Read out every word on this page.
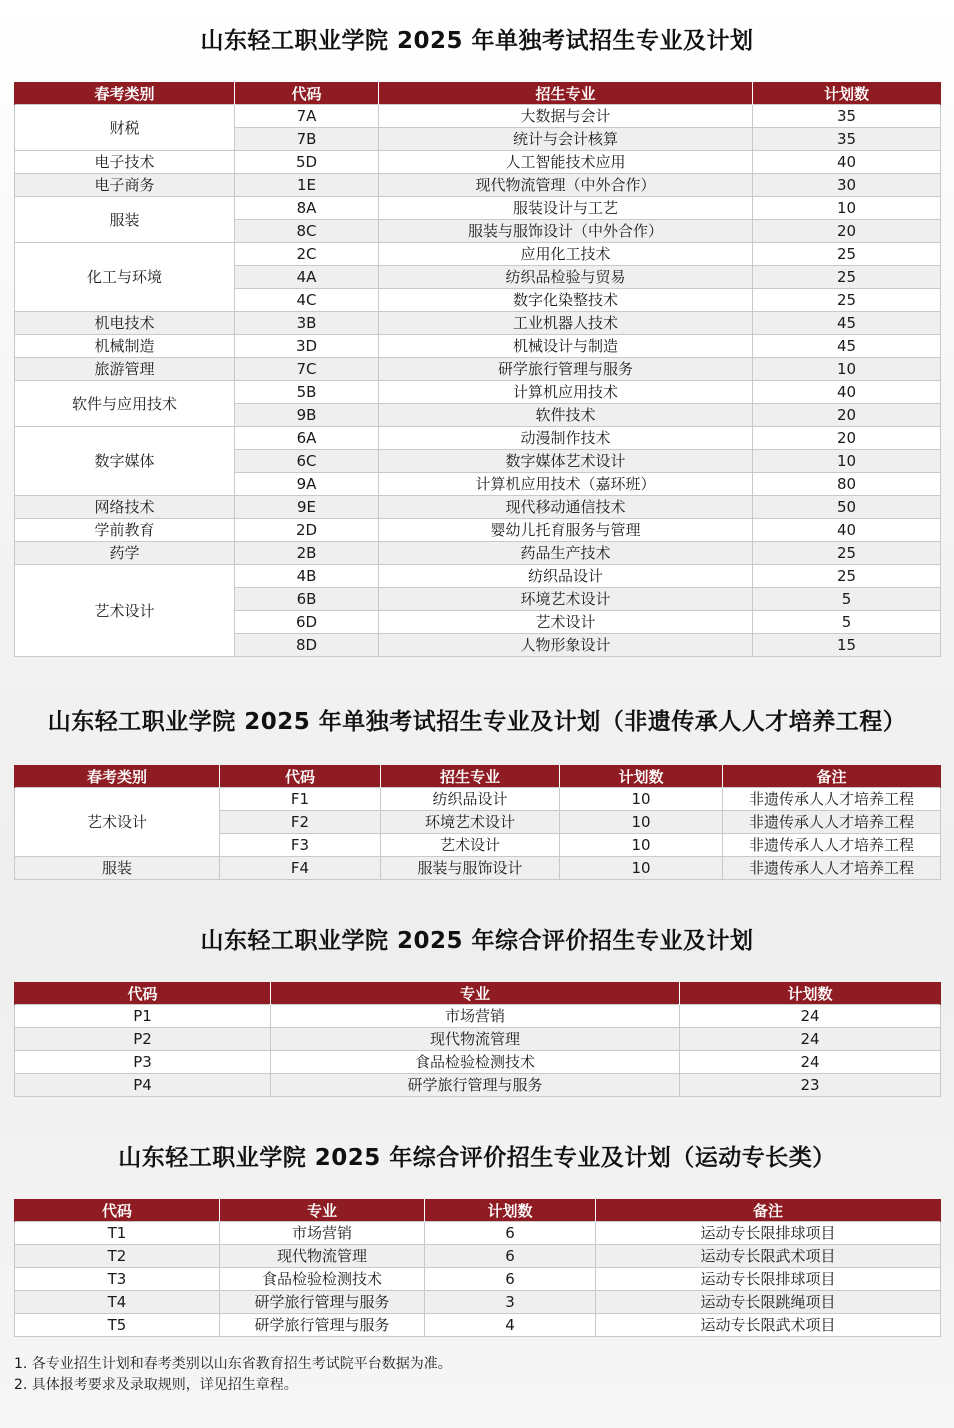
山东轻工职业学院 2025 年单独考试招生专业及计划
春考类别	代码	招生专业	计划数
财税	7A	大数据与会计	35
	7B	统计与会计核算	35
电子技术	5D	人工智能技术应用	40
电子商务	1E	现代物流管理（中外合作）	30
服装	8A	服装设计与工艺	10
	8C	服装与服饰设计（中外合作）	20
化工与环境	2C	应用化工技术	25
	4A	纺织品检验与贸易	25
	4C	数字化染整技术	25
机电技术	3B	工业机器人技术	45
机械制造	3D	机械设计与制造	45
旅游管理	7C	研学旅行管理与服务	10
软件与应用技术	5B	计算机应用技术	40
	9B	软件技术	20
数字媒体	6A	动漫制作技术	20
	6C	数字媒体艺术设计	10
	9A	计算机应用技术（嘉环班）	80
网络技术	9E	现代移动通信技术	50
学前教育	2D	婴幼儿托育服务与管理	40
药学	2B	药品生产技术	25
艺术设计	4B	纺织品设计	25
	6B	环境艺术设计	5
	6D	艺术设计	5
	8D	人物形象设计	15
山东轻工职业学院 2025 年单独考试招生专业及计划（非遗传承人人才培养工程）
春考类别	代码	招生专业	计划数	备注
艺术设计	F1	纺织品设计	10	非遗传承人人才培养工程
	F2	环境艺术设计	10	非遗传承人人才培养工程
	F3	艺术设计	10	非遗传承人人才培养工程
服装	F4	服装与服饰设计	10	非遗传承人人才培养工程
山东轻工职业学院 2025 年综合评价招生专业及计划
代码	专业	计划数
P1	市场营销	24
P2	现代物流管理	24
P3	食品检验检测技术	24
P4	研学旅行管理与服务	23
山东轻工职业学院 2025 年综合评价招生专业及计划（运动专长类）
代码	专业	计划数	备注
T1	市场营销	6	运动专长限排球项目
T2	现代物流管理	6	运动专长限武术项目
T3	食品检验检测技术	6	运动专长限排球项目
T4	研学旅行管理与服务	3	运动专长限跳绳项目
T5	研学旅行管理与服务	4	运动专长限武术项目
1. 各专业招生计划和春考类别以山东省教育招生考试院平台数据为准。
2. 具体报考要求及录取规则，详见招生章程。
